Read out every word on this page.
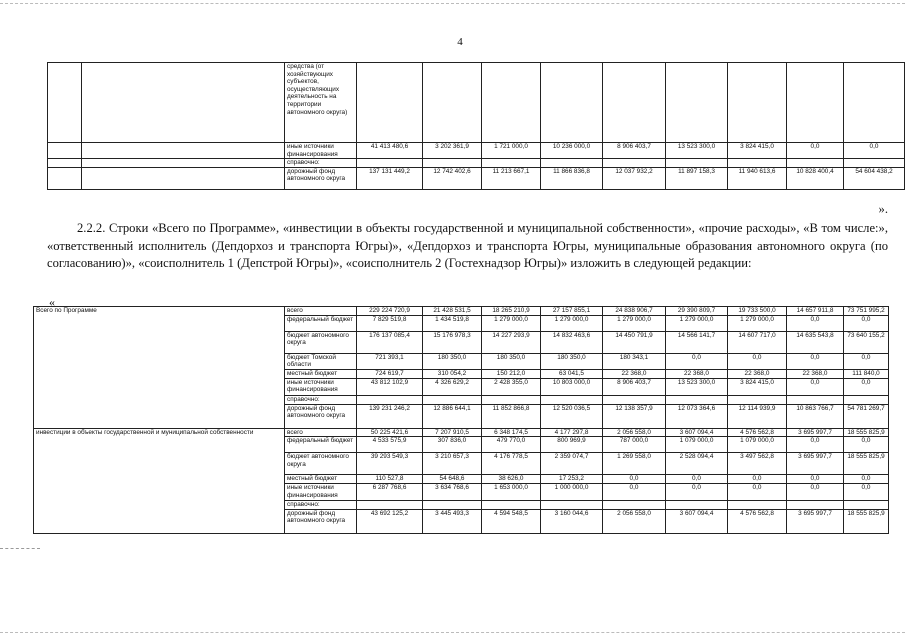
4
		средства (от хозяйствующих субъектов, осуществляющих деятельность на территории автономного округа)									
		иные источники финансирования	41 413 480,6	3 202 361,9	1 721 000,0	10 236 000,0	8 906 403,7	13 523 300,0	3 824 415,0	0,0	0,0
		справочно:									
		дорожный фонд автономного округа	137 131 449,2	12 742 402,6	11 213 667,1	11 866 836,8	12 037 932,2	11 897 158,3	11 940 613,6	10 828 400,4	54 604 438,2
».

2.2.2. Строки «Всего по Программе», «инвестиции в объекты государственной и муниципальной собственности», «прочие расходы», «В том числе:», «ответственный исполнитель (Депдорхоз и транспорта Югры)», «Депдорхоз и транспорта Югры, муниципальные образования автономного округа (по согласованию)», «соисполнитель 1 (Депстрой Югры)», «соисполнитель 2 (Гостехнадзор Югры)» изложить в следующей редакции:

«
Всего по Программе	всего	229 224 720,9	21 428 531,5	18 265 210,9	27 157 855,1	24 838 906,7	29 390 809,7	19 733 500,0	14 657 911,8	73 751 995,2
	федеральный бюджет	7 829 519,8	1 434 519,8	1 279 000,0	1 279 000,0	1 279 000,0	1 279 000,0	1 279 000,0	0,0	0,0
	бюджет автономного округа	176 137 085,4	15 176 978,3	14 227 293,9	14 832 463,6	14 450 791,9	14 566 141,7	14 607 717,0	14 635 543,8	73 640 155,2
	бюджет Томской области	721 393,1	180 350,0	180 350,0	180 350,0	180 343,1	0,0	0,0	0,0	0,0
	местный бюджет	724 619,7	310 054,2	150 212,0	63 041,5	22 368,0	22 368,0	22 368,0	22 368,0	111 840,0
	иные источники финансирования	43 812 102,9	4 326 629,2	2 428 355,0	10 803 000,0	8 906 403,7	13 523 300,0	3 824 415,0	0,0	0,0
	справочно:									
	дорожный фонд автономного округа	139 231 246,2	12 886 644,1	11 852 866,8	12 520 036,5	12 138 357,9	12 073 364,6	12 114 939,9	10 863 766,7	54 781 269,7
инвестиции в объекты государственной и муниципальной собственности	всего	50 225 421,6	7 207 910,5	6 348 174,5	4 177 297,8	2 056 558,0	3 607 094,4	4 576 562,8	3 695 997,7	18 555 825,9
	федеральный бюджет	4 533 575,9	307 836,0	479 770,0	800 969,9	787 000,0	1 079 000,0	1 079 000,0	0,0	0,0
	бюджет автономного округа	39 293 549,3	3 210 657,3	4 176 778,5	2 359 074,7	1 269 558,0	2 528 094,4	3 497 562,8	3 695 997,7	18 555 825,9
	местный бюджет	110 527,8	54 648,6	38 626,0	17 253,2	0,0	0,0	0,0	0,0	0,0
	иные источники финансирования	6 287 768,6	3 634 768,6	1 653 000,0	1 000 000,0	0,0	0,0	0,0	0,0	0,0
	справочно:									
	дорожный фонд автономного округа	43 692 125,2	3 445 493,3	4 594 548,5	3 160 044,6	2 056 558,0	3 607 094,4	4 576 562,8	3 695 997,7	18 555 825,9
